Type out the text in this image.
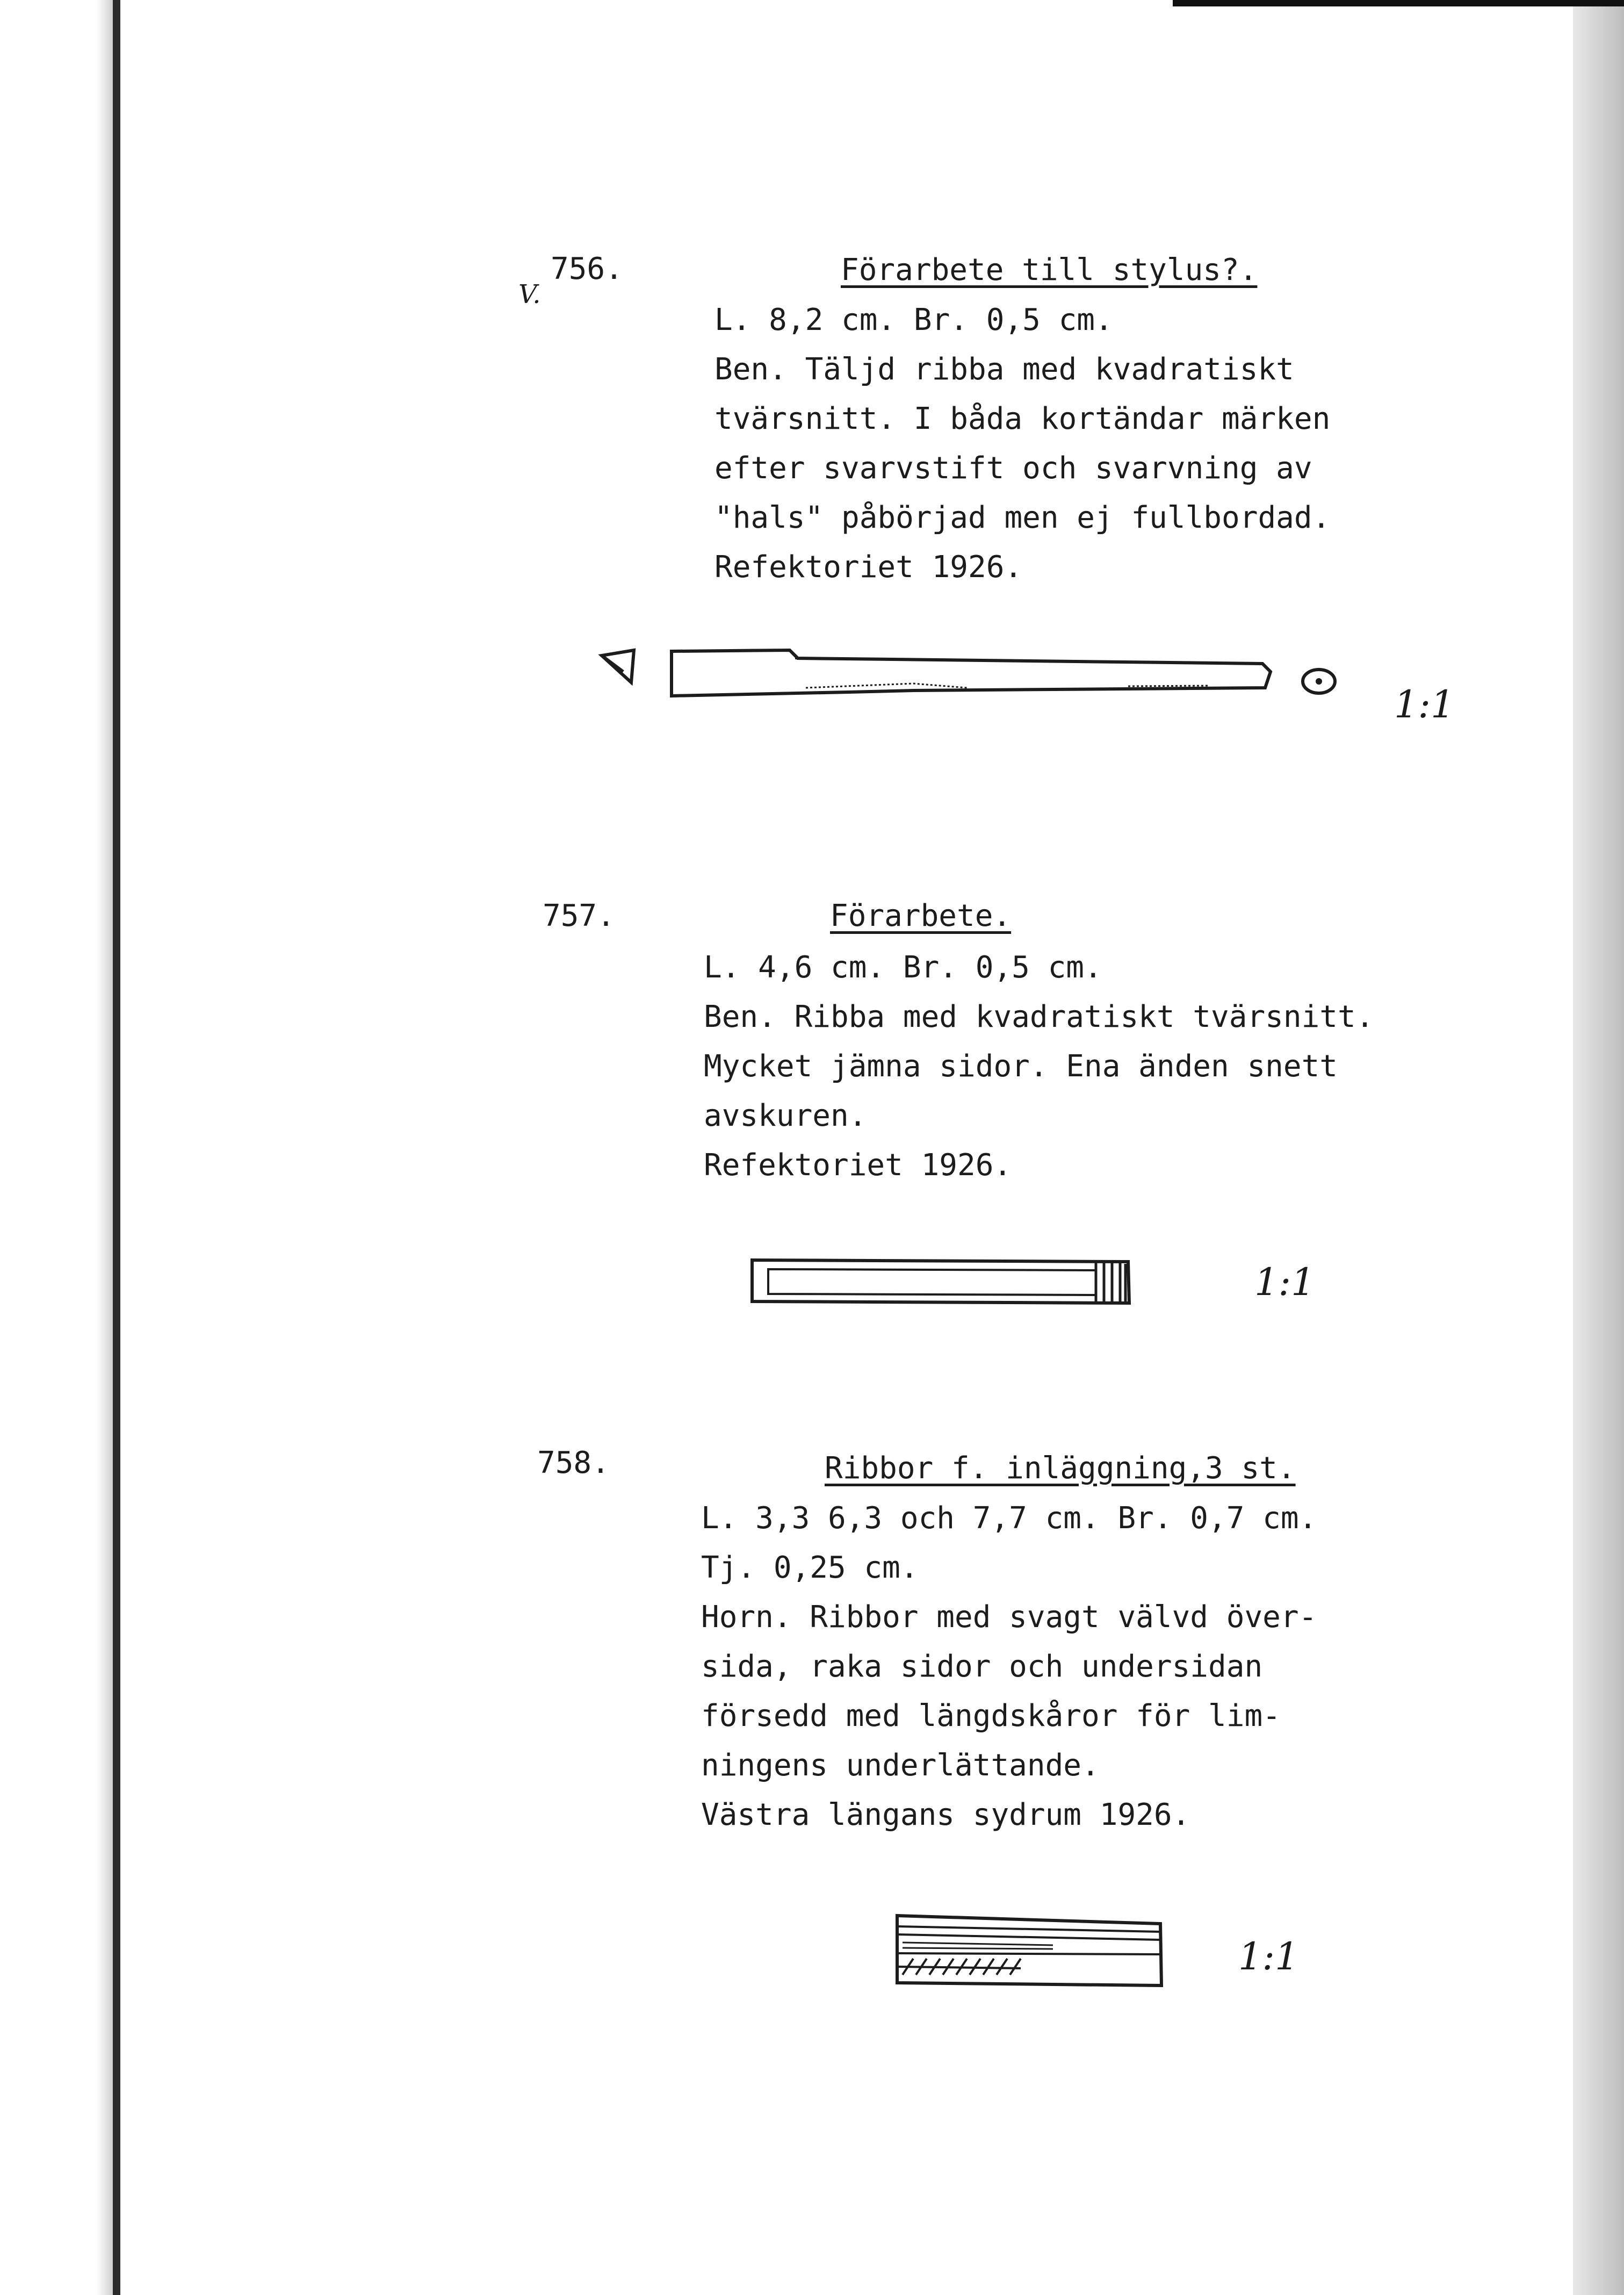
V.
756.	Förarbete till stylus?.
L. 8,2 cm. Br. 0,5 cm.
Ben. Täljd ribba med kvadratiskt
tvärsnitt. I båda kortändar märken
efter svarvstift och svarvning av
"hals" påbörjad men ej fullbordad.
Refektoriet 1926.
1:1
757.	Förarbete.
L. 4,6 cm. Br. 0,5 cm.
Ben. Ribba med kvadratiskt tvärsnitt.
Mycket jämna sidor. Ena änden snett
avskuren.
Refektoriet 1926.
1:1
758.	Ribbor f. inläggning,3 st.
L. 3,3 6,3 och 7,7 cm. Br. 0,7 cm.
Tj. 0,25 cm.
Horn. Ribbor med svagt välvd över-
sida, raka sidor och undersidan
försedd med längdskåror för lim-
ningens underlättande.
Västra längans sydrum 1926.
1:1
